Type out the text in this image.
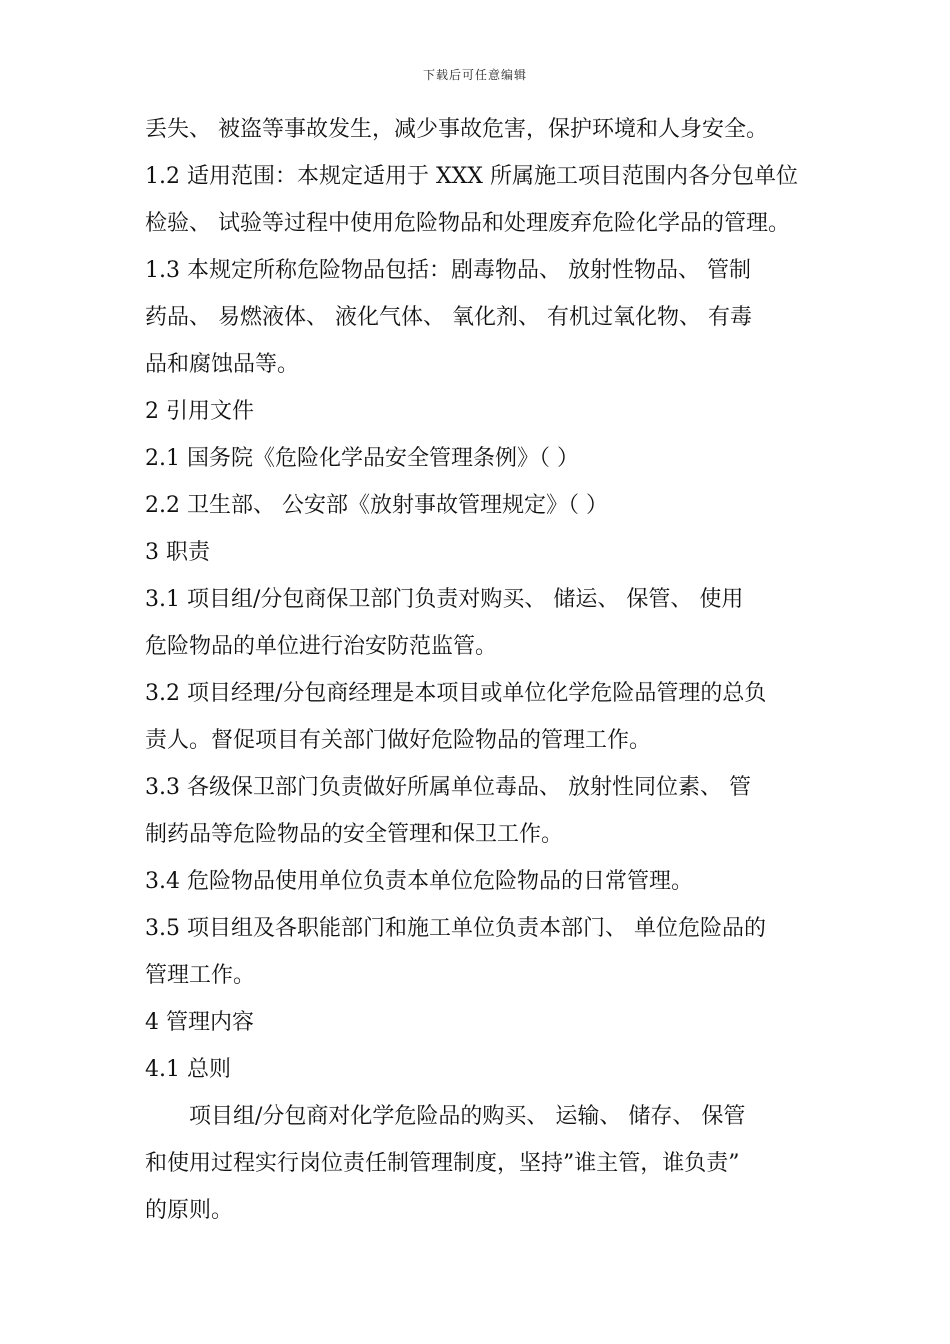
下载后可任意编辑
丢失、 被盗等事故发生，减少事故危害，保护环境和人身安全。
1.2 适用范围：本规定适用于 XXX 所属施工项目范围内各分包单位
检验、 试验等过程中使用危险物品和处理废弃危险化学品的管理。
1.3 本规定所称危险物品包括：剧毒物品、 放射性物品、 管制
药品、 易燃液体、 液化气体、 氧化剂、 有机过氧化物、 有毒
品和腐蚀品等。
2 引用文件
2.1 国务院《危险化学品安全管理条例》（ ）
2.2 卫生部、 公安部《放射事故管理规定》（ ）
3 职责
3.1 项目组/分包商保卫部门负责对购买、 储运、 保管、 使用
危险物品的单位进行治安防范监管。
3.2 项目经理/分包商经理是本项目或单位化学危险品管理的总负
责人。督促项目有关部门做好危险物品的管理工作。
3.3 各级保卫部门负责做好所属单位毒品、 放射性同位素、 管
制药品等危险物品的安全管理和保卫工作。
3.4 危险物品使用单位负责本单位危险物品的日常管理。
3.5 项目组及各职能部门和施工单位负责本部门、 单位危险品的
管理工作。
4 管理内容
4.1 总则
项目组/分包商对化学危险品的购买、 运输、 储存、 保管
和使用过程实行岗位责任制管理制度，坚持”谁主管，谁负责”
的原则。
